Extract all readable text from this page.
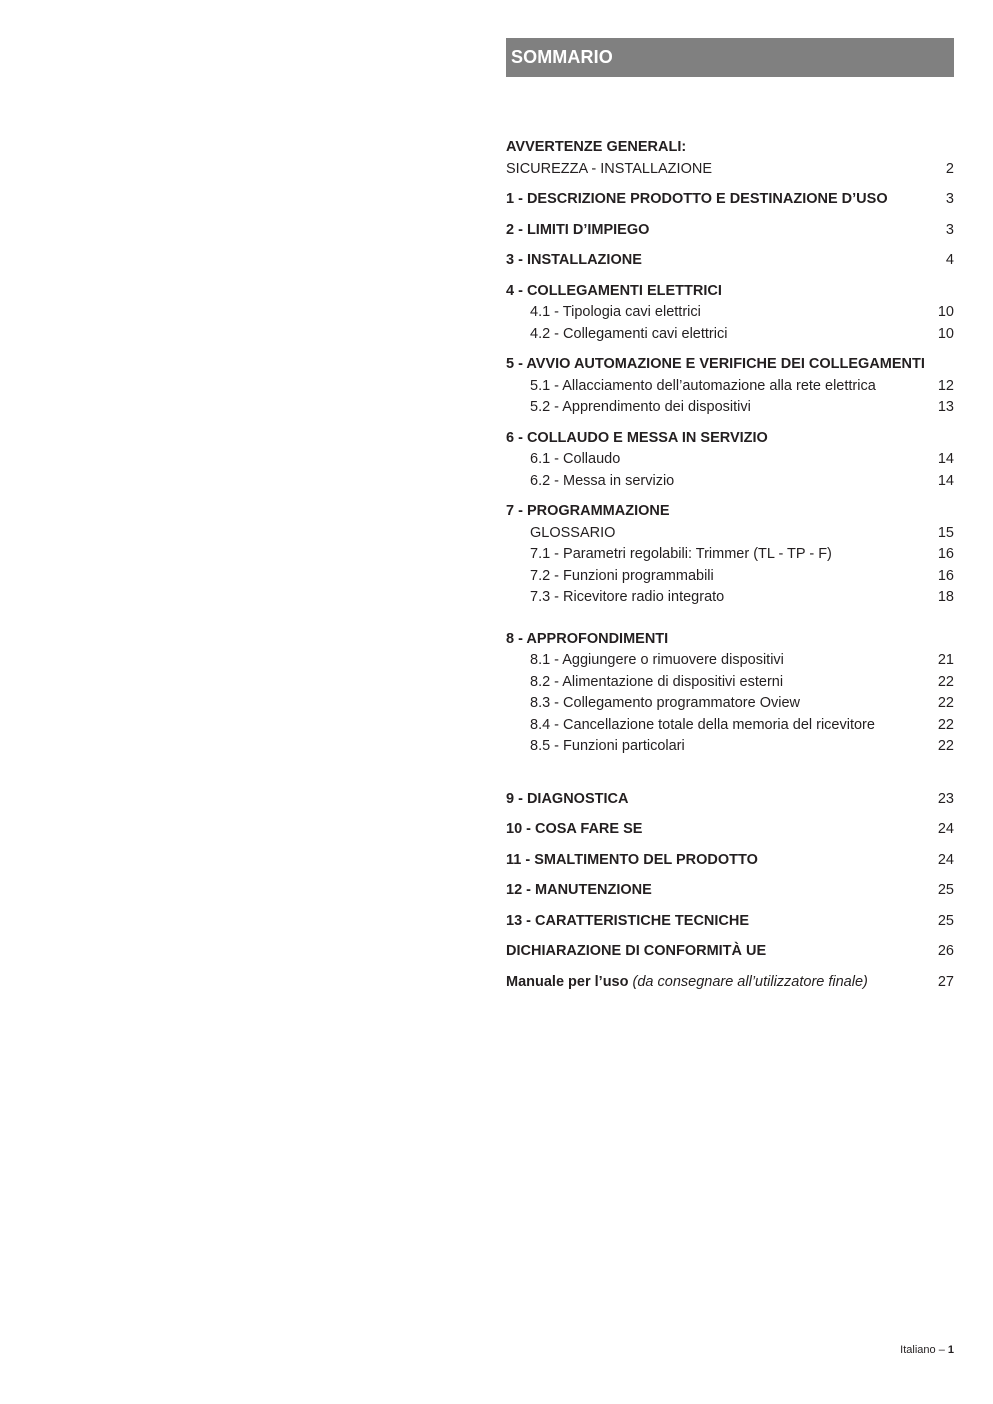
SOMMARIO
AVVERTENZE GENERALI:
SICUREZZA - INSTALLAZIONE	2
1 - DESCRIZIONE PRODOTTO E DESTINAZIONE D’USO	3
2 - LIMITI D’IMPIEGO	3
3 - INSTALLAZIONE	4
4 - COLLEGAMENTI ELETTRICI
4.1 - Tipologia cavi elettrici	10
4.2 - Collegamenti cavi elettrici	10
5 - AVVIO AUTOMAZIONE E VERIFICHE DEI COLLEGAMENTI
5.1 - Allacciamento dell’automazione alla rete elettrica	12
5.2 - Apprendimento dei dispositivi	13
6 - COLLAUDO E MESSA IN SERVIZIO
6.1 - Collaudo	14
6.2 - Messa in servizio	14
7 - PROGRAMMAZIONE
GLOSSARIO	15
7.1 - Parametri regolabili: Trimmer (TL - TP - F)	16
7.2 - Funzioni programmabili	16
7.3 - Ricevitore radio integrato	18
8 - APPROFONDIMENTI
8.1 - Aggiungere o rimuovere dispositivi	21
8.2 - Alimentazione di dispositivi esterni	22
8.3 - Collegamento programmatore Oview	22
8.4 - Cancellazione totale della memoria del ricevitore	22
8.5 - Funzioni particolari	22
9 - DIAGNOSTICA	23
10 - COSA FARE SE	24
11 - SMALTIMENTO DEL PRODOTTO	24
12 - MANUTENZIONE	25
13 - CARATTERISTICHE TECNICHE	25
DICHIARAZIONE DI CONFORMITÀ UE	26
Manuale per l’uso (da consegnare all’utilizzatore finale)	27
Italiano – 1
